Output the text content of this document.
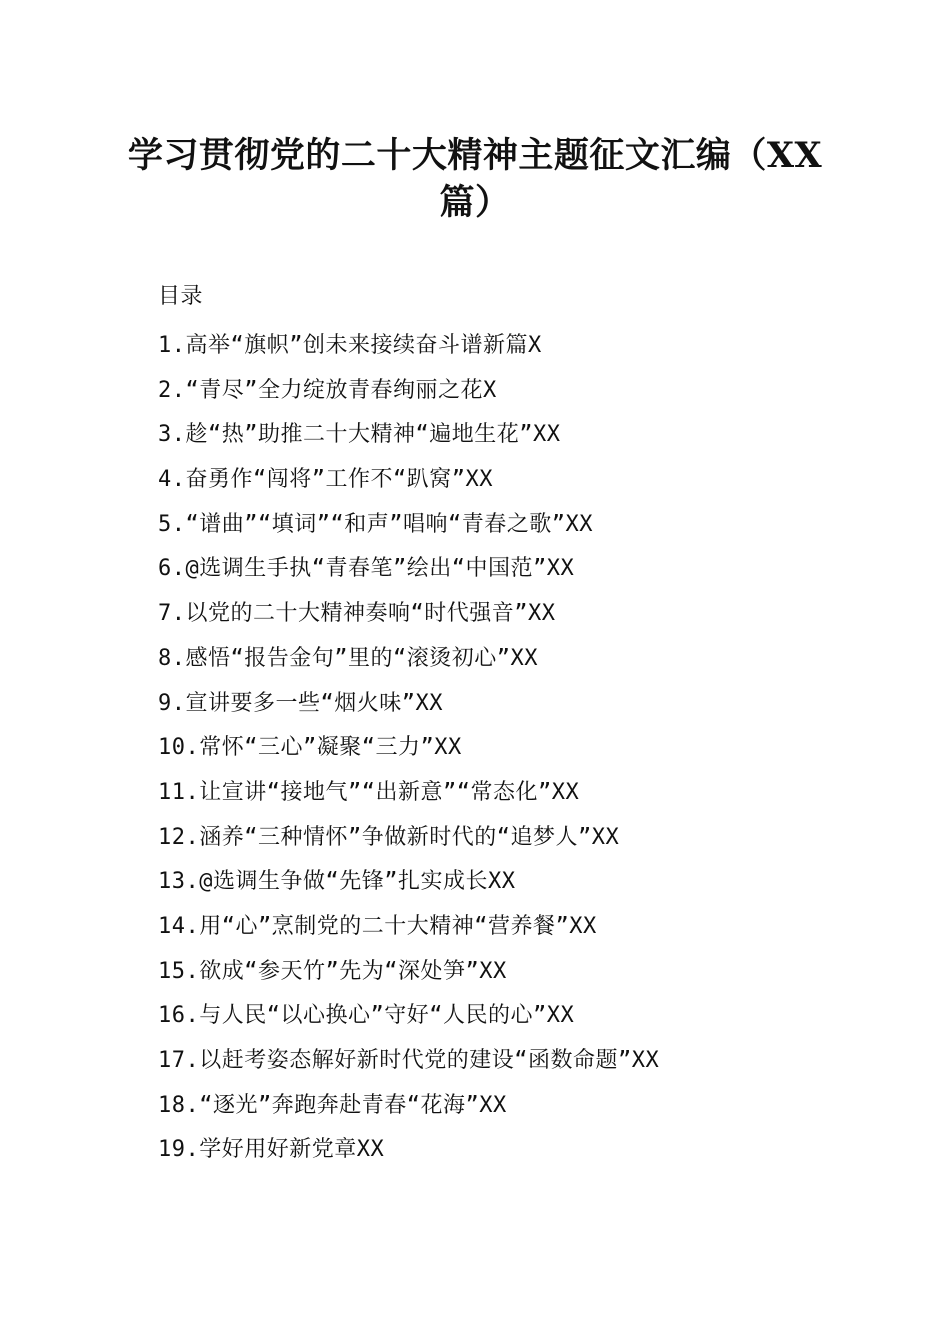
学习贯彻党的二十大精神主题征文汇编（XX篇）
目录
1.高举“旗帜”创未来接续奋斗谱新篇X
2.“青尽”全力绽放青春绚丽之花X
3.趁“热”助推二十大精神“遍地生花”XX
4.奋勇作“闯将”工作不“趴窝”XX
5.“谱曲”“填词”“和声”唱响“青春之歌”XX
6.@选调生手执“青春笔”绘出“中国范”XX
7.以党的二十大精神奏响“时代强音”XX
8.感悟“报告金句”里的“滚烫初心”XX
9.宣讲要多一些“烟火味”XX
10.常怀“三心”凝聚“三力”XX
11.让宣讲“接地气”“出新意”“常态化”XX
12.涵养“三种情怀”争做新时代的“追梦人”XX
13.@选调生争做“先锋”扎实成长XX
14.用“心”烹制党的二十大精神“营养餐”XX
15.欲成“参天竹”先为“深处笋”XX
16.与人民“以心换心”守好“人民的心”XX
17.以赶考姿态解好新时代党的建设“函数命题”XX
18.“逐光”奔跑奔赴青春“花海”XX
19.学好用好新党章XX
